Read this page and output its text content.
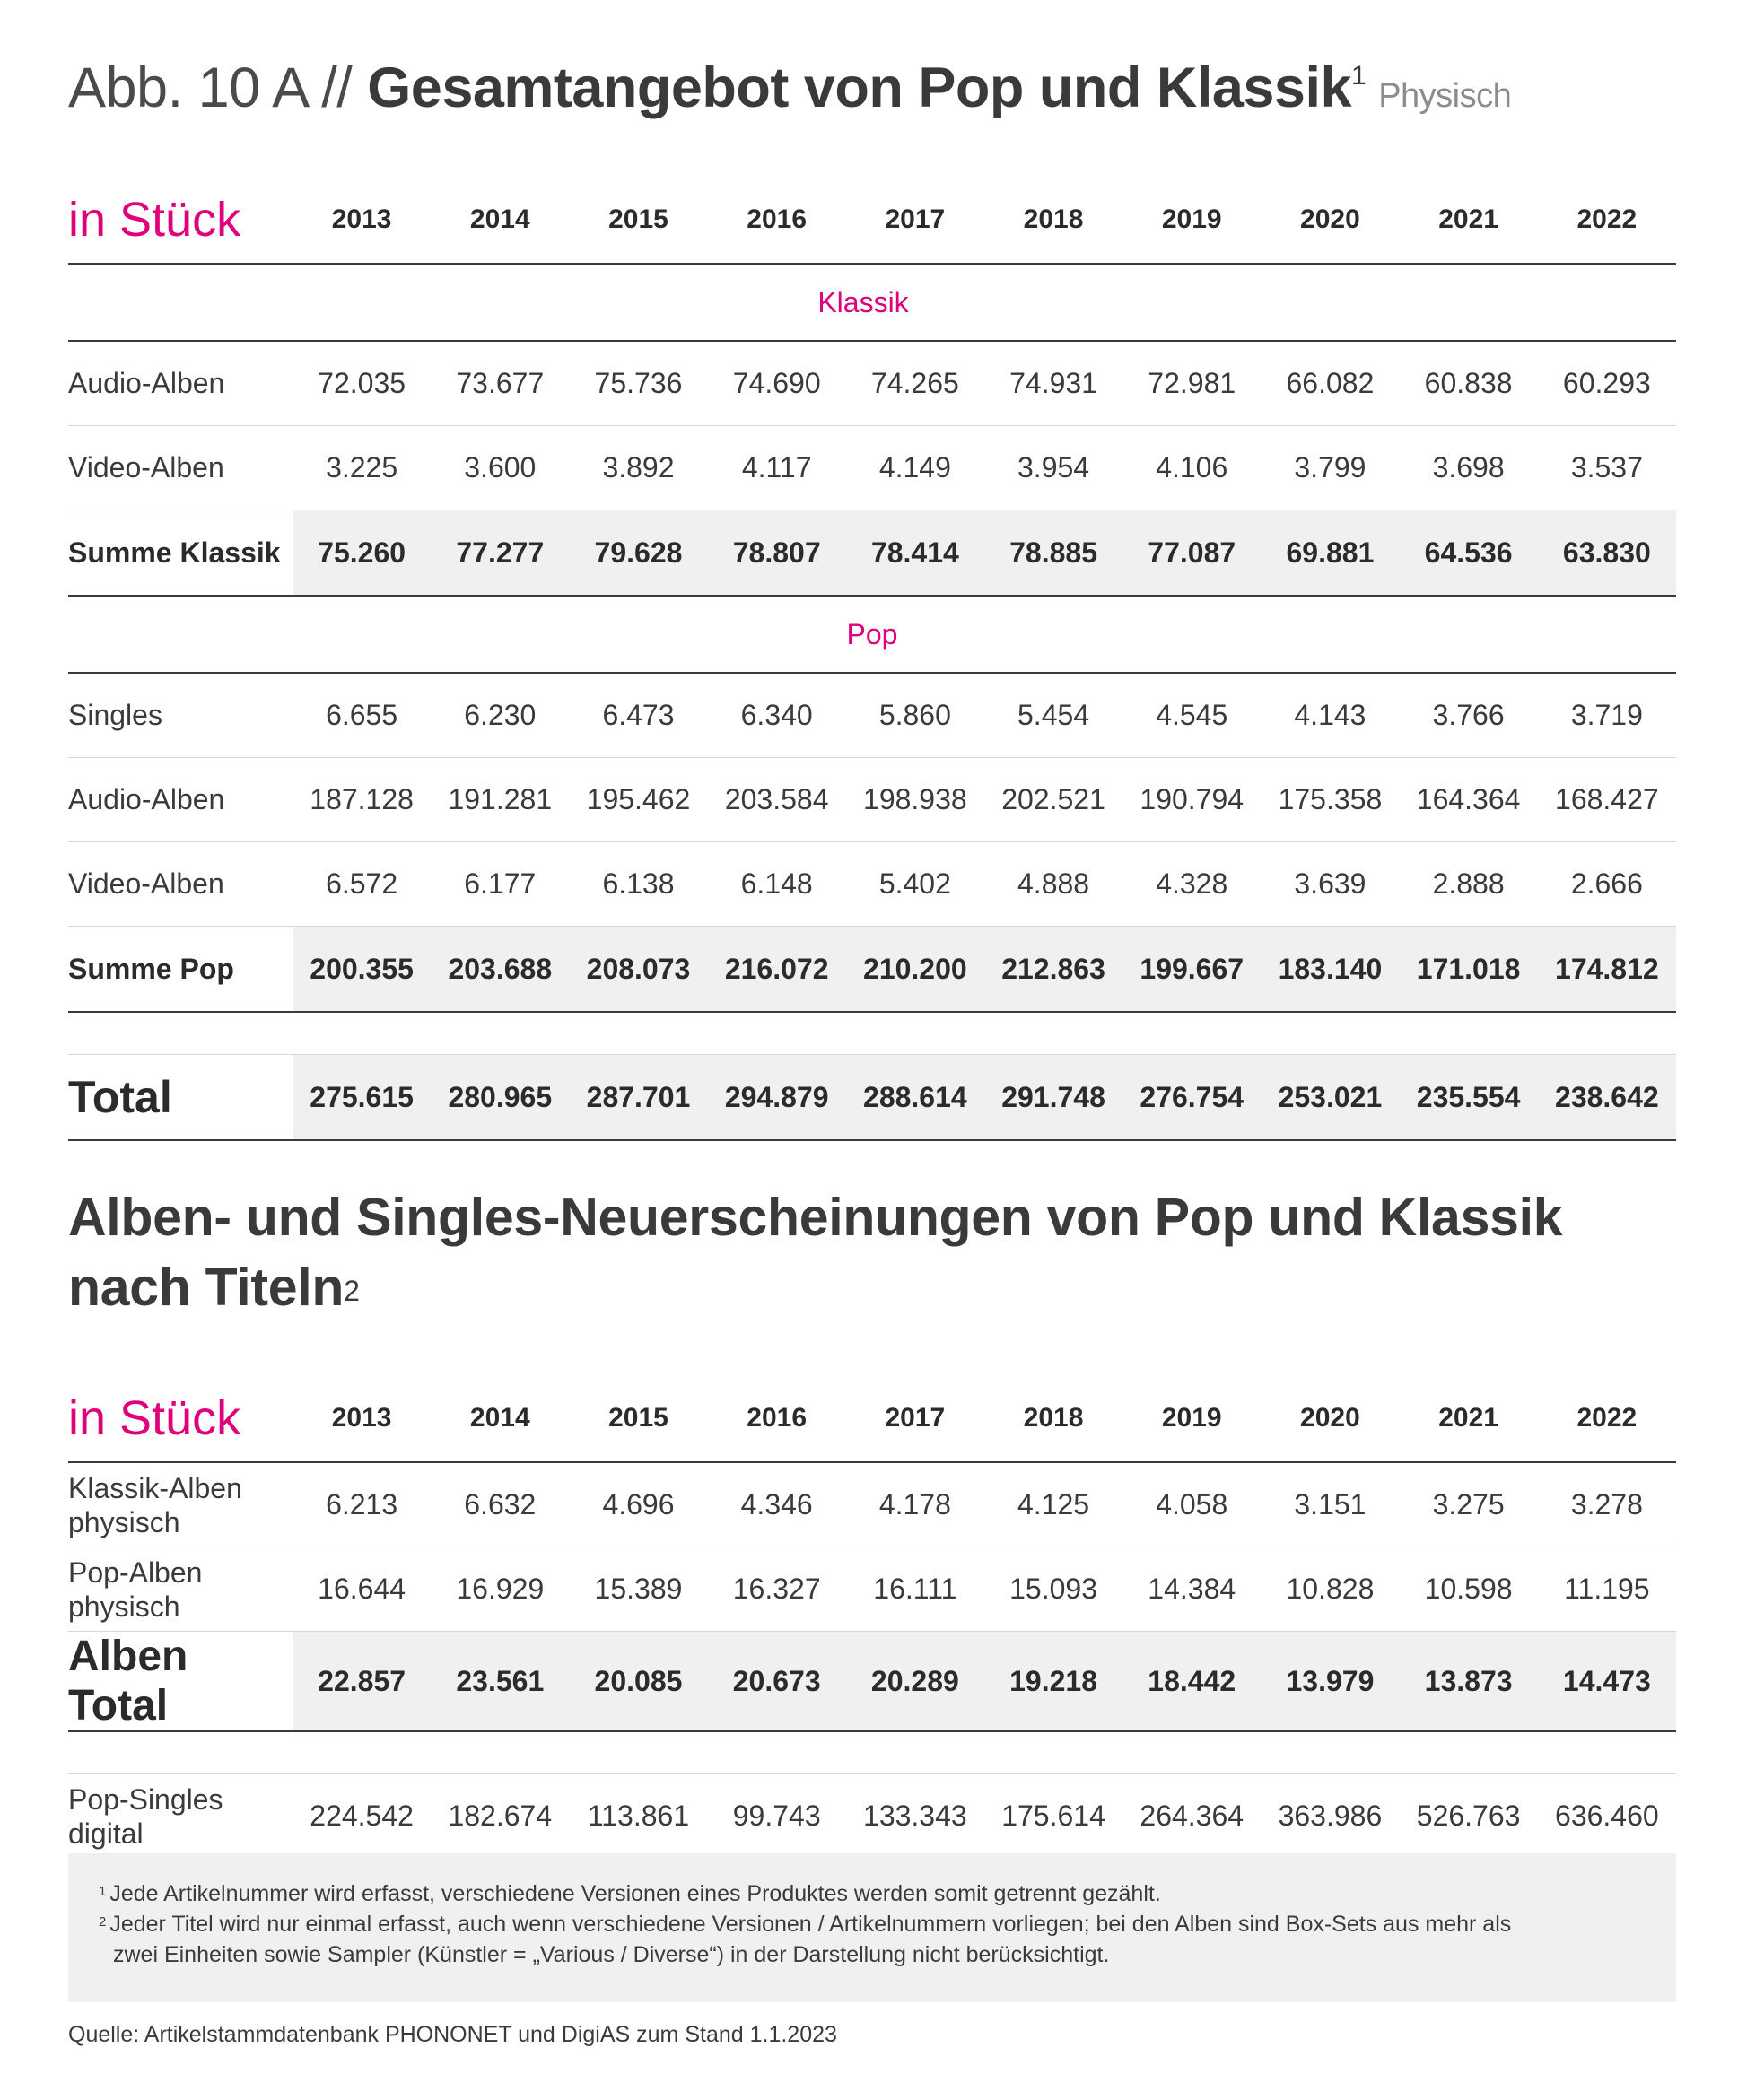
Abb. 10 A // Gesamtangebot von Pop und Klassik$^1$Physisch
in Stück	2013	2014	2015	2016	2017	2018	2019	2020	2021	2022
Klassik										
Audio-Alben	72.035	73.677	75.736	74.690	74.265	74.931	72.981	66.082	60.838	60.293
Video-Alben	3.225	3.600	3.892	4.117	4.149	3.954	4.106	3.799	3.698	3.537
Summe Klassik	75.260	77.277	79.628	78.807	78.414	78.885	77.087	69.881	64.536	63.830
Pop										
Singles	6.655	6.230	6.473	6.340	5.860	5.454	4.545	4.143	3.766	3.719
Audio-Alben	187.128	191.281	195.462	203.584	198.938	202.521	190.794	175.358	164.364	168.427
Video-Alben	6.572	6.177	6.138	6.148	5.402	4.888	4.328	3.639	2.888	2.666
Summe Pop	200.355	203.688	208.073	216.072	210.200	212.863	199.667	183.140	171.018	174.812

Total	275.615	280.965	287.701	294.879	288.614	291.748	276.754	253.021	235.554	238.642
Alben- und Singles-Neuerscheinungen von Pop und Klassik
nach Titeln$^2$
in Stück	2013	2014	2015	2016	2017	2018	2019	2020	2021	2022
Klassik-Alben
physisch	6.213	6.632	4.696	4.346	4.178	4.125	4.058	3.151	3.275	3.278
Pop-Alben
physisch	16.644	16.929	15.389	16.327	16.111	15.093	14.384	10.828	10.598	11.195
Alben Total	22.857	23.561	20.085	20.673	20.289	19.218	18.442	13.979	13.873	14.473

Pop-Singles
digital	224.542	182.674	113.861	99.743	133.343	175.614	264.364	363.986	526.763	636.460

$^1$ Jede Artikelnummer wird erfasst, verschiedene Versionen eines Produktes werden somit getrennt gezählt.

$^2$ Jeder Titel wird nur einmal erfasst, auch wenn verschiedene Versionen / Artikelnummern vorliegen; bei den Alben sind Box-Sets aus mehr als

zwei Einheiten sowie Sampler (Künstler = „Various / Diverse“) in der Darstellung nicht berücksichtigt.

Quelle: Artikelstammdatenbank PHONONET und DigiAS zum Stand 1.1.2023
